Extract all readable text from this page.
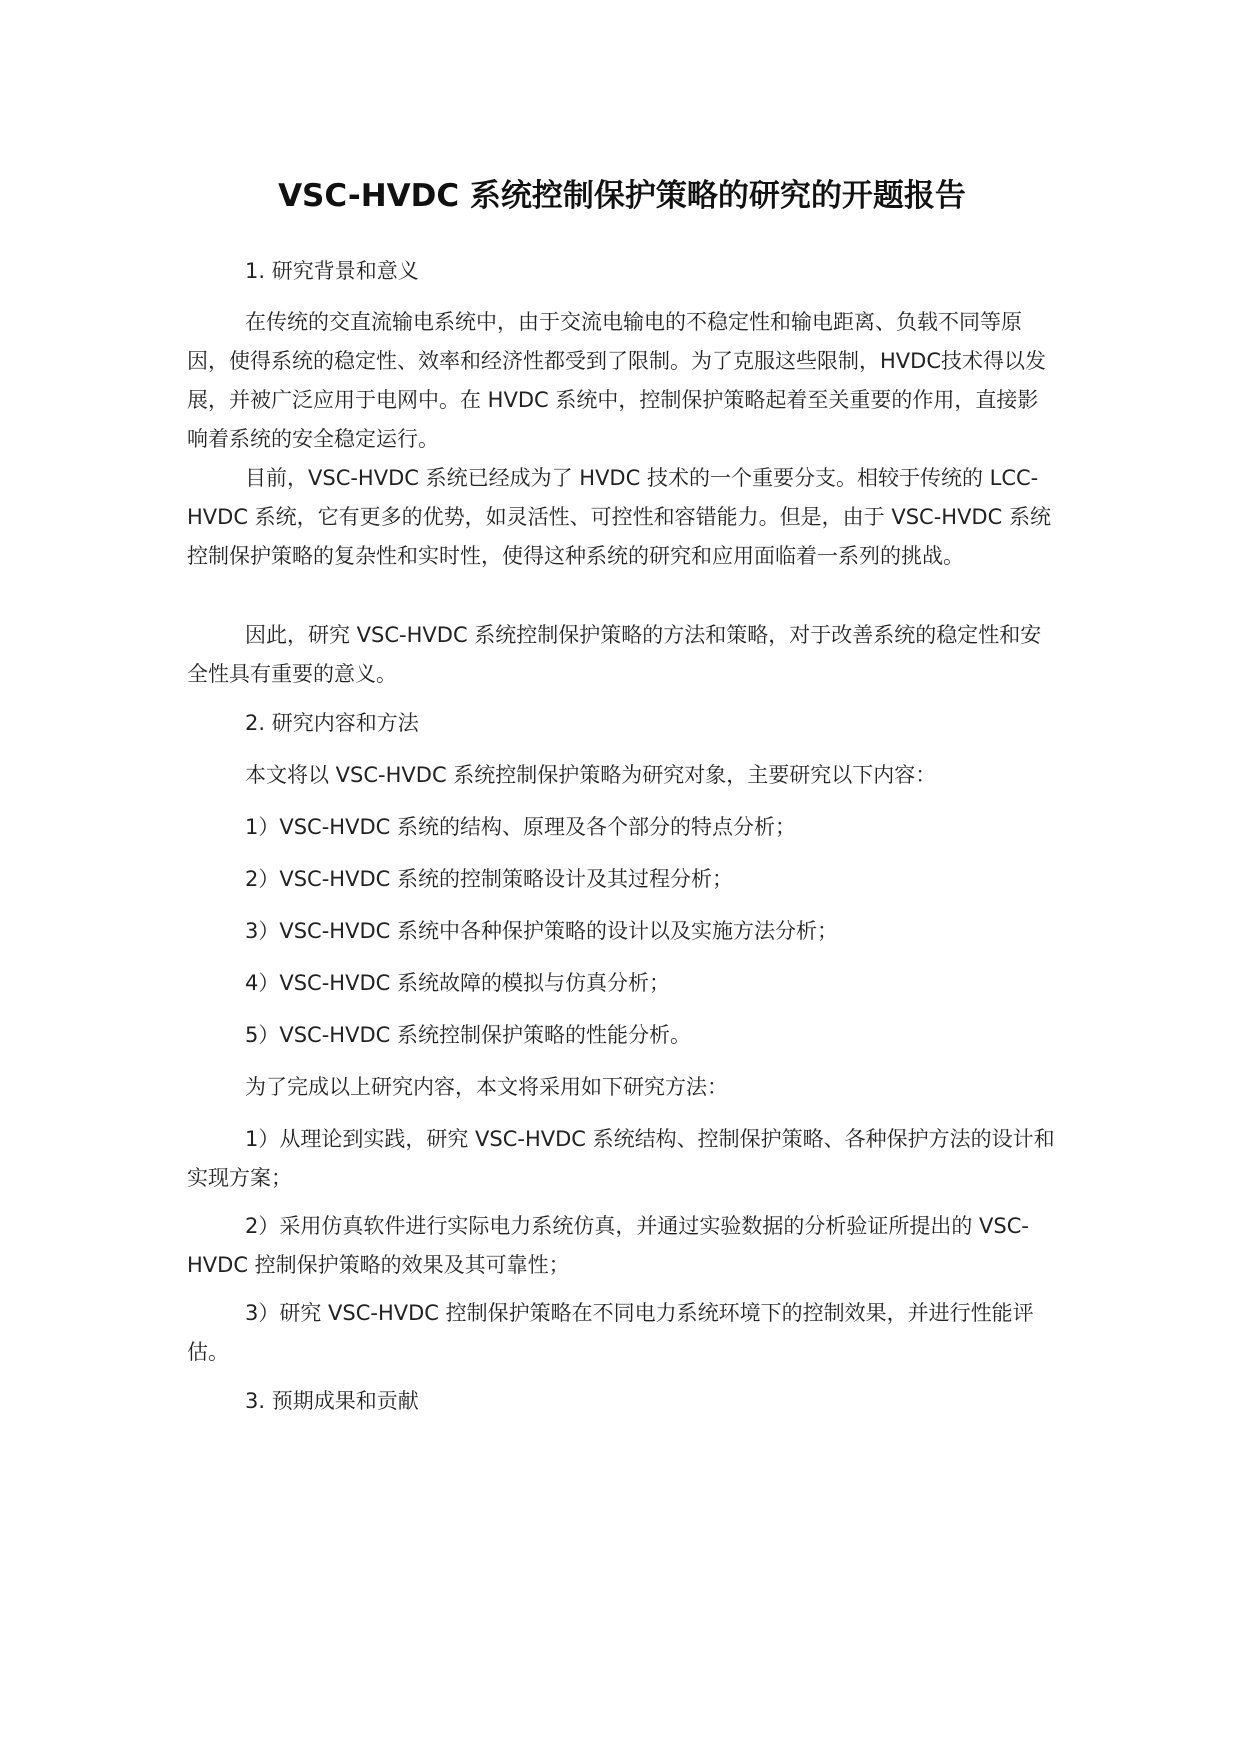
VSC-HVDC 系统控制保护策略的研究的开题报告
1. 研究背景和意义
在传统的交直流输电系统中，由于交流电输电的不稳定性和输电距离、负载不同等原因，使得系统的稳定性、效率和经济性都受到了限制。为了克服这些限制，HVDC技术得以发展，并被广泛应用于电网中。在 HVDC 系统中，控制保护策略起着至关重要的作用，直接影响着系统的安全稳定运行。
目前，VSC-HVDC 系统已经成为了 HVDC 技术的一个重要分支。相较于传统的 LCC-HVDC 系统，它有更多的优势，如灵活性、可控性和容错能力。但是，由于 VSC-HVDC 系统控制保护策略的复杂性和实时性，使得这种系统的研究和应用面临着一系列的挑战。
因此，研究 VSC-HVDC 系统控制保护策略的方法和策略，对于改善系统的稳定性和安全性具有重要的意义。
2. 研究内容和方法
本文将以 VSC-HVDC 系统控制保护策略为研究对象，主要研究以下内容：
1）VSC-HVDC 系统的结构、原理及各个部分的特点分析；
2）VSC-HVDC 系统的控制策略设计及其过程分析；
3）VSC-HVDC 系统中各种保护策略的设计以及实施方法分析；
4）VSC-HVDC 系统故障的模拟与仿真分析；
5）VSC-HVDC 系统控制保护策略的性能分析。
为了完成以上研究内容，本文将采用如下研究方法：
1）从理论到实践，研究 VSC-HVDC 系统结构、控制保护策略、各种保护方法的设计和实现方案；
2）采用仿真软件进行实际电力系统仿真，并通过实验数据的分析验证所提出的 VSC-HVDC 控制保护策略的效果及其可靠性；
3）研究 VSC-HVDC 控制保护策略在不同电力系统环境下的控制效果，并进行性能评估。
3. 预期成果和贡献
